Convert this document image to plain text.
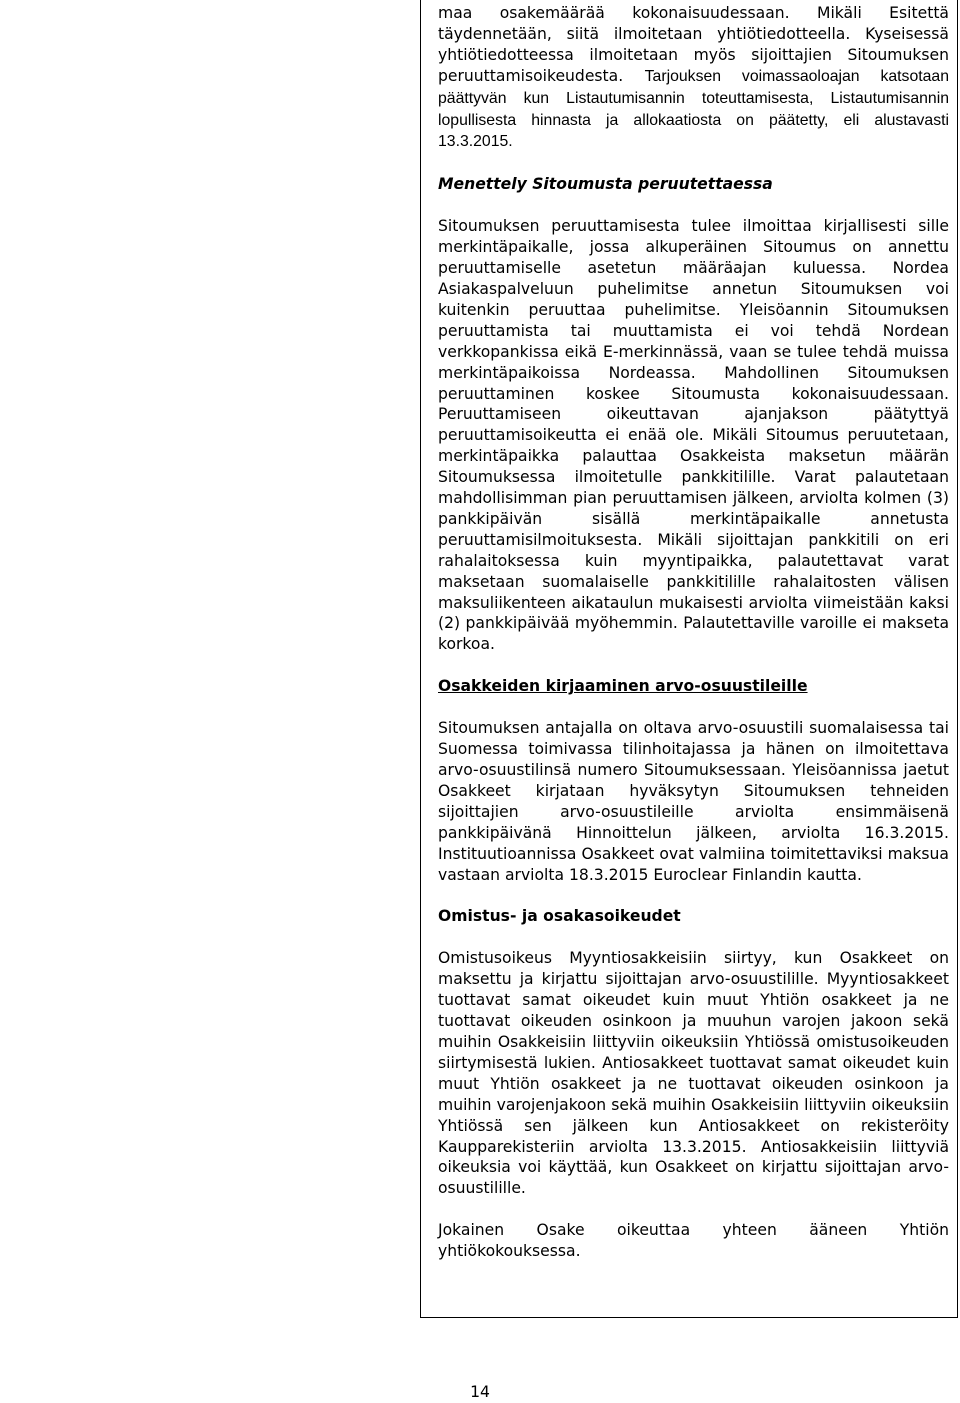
maa osakemäärää kokonaisuudessaan. Mikäli Esitettä täydennetään, siitä ilmoitetaan yhtiötiedotteella. Kyseisessä yhtiötiedotteessa ilmoitetaan myös sijoittajien Sitoumuksen peruuttamisoikeudesta. Tarjouksen voimassaoloajan katsotaan päättyvän kun Listautumisannin toteuttamisesta, Listautumisannin lopullisesta hinnasta ja allokaatiosta on päätetty, eli alustavasti 13.3.2015.

Menettely Sitoumusta peruutettaessa

Sitoumuksen peruuttamisesta tulee ilmoittaa kirjallisesti sille merkintäpaikalle, jossa alkuperäinen Sitoumus on annettu peruuttamiselle asetetun määräajan kuluessa. Nordea Asiakaspalveluun puhelimitse annetun Sitoumuksen voi kuitenkin peruuttaa puhelimitse. Yleisöannin Sitoumuksen peruuttamista tai muuttamista ei voi tehdä Nordean verkkopankissa eikä E-merkinnässä, vaan se tulee tehdä muissa merkintäpaikoissa Nordeassa. Mahdollinen Sitoumuksen peruuttaminen koskee Sitoumusta kokonaisuudessaan. Peruuttamiseen oikeuttavan ajanjakson päätyttyä peruuttamisoikeutta ei enää ole. Mikäli Sitoumus peruutetaan, merkintäpaikka palauttaa Osakkeista maksetun määrän Sitoumuksessa ilmoitetulle pankkitilille. Varat palautetaan mahdollisimman pian peruuttamisen jälkeen, arviolta kolmen (3) pankkipäivän sisällä merkintäpaikalle annetusta peruuttamisilmoituksesta. Mikäli sijoittajan pankkitili on eri rahalaitoksessa kuin myyntipaikka, palautettavat varat maksetaan suomalaiselle pankkitilille rahalaitosten välisen maksuliikenteen aikataulun mukaisesti arviolta viimeistään kaksi (2) pankkipäivää myöhemmin. Palautettaville varoille ei makseta korkoa.

Osakkeiden kirjaaminen arvo-osuustileille

Sitoumuksen antajalla on oltava arvo-osuustili suomalaisessa tai Suomessa toimivassa tilinhoitajassa ja hänen on ilmoitettava arvo-osuustilinsä numero Sitoumuksessaan. Yleisöannissa jaetut Osakkeet kirjataan hyväksytyn Sitoumuksen tehneiden sijoittajien arvo-osuustileille arviolta ensimmäisenä pankkipäivänä Hinnoittelun jälkeen, arviolta 16.3.2015. Instituutioannissa Osakkeet ovat valmiina toimitettaviksi maksua vastaan arviolta 18.3.2015 Euroclear Finlandin kautta.

Omistus- ja osakasoikeudet

Omistusoikeus Myyntiosakkeisiin siirtyy, kun Osakkeet on maksettu ja kirjattu sijoittajan arvo-osuustilille. Myyntiosakkeet tuottavat samat oikeudet kuin muut Yhtiön osakkeet ja ne tuottavat oikeuden osinkoon ja muuhun varojen jakoon sekä muihin Osakkeisiin liittyviin oikeuksiin Yhtiössä omistusoikeuden siirtymisestä lukien. Antiosakkeet tuottavat samat oikeudet kuin muut Yhtiön osakkeet ja ne tuottavat oikeuden osinkoon ja muihin varojenjakoon sekä muihin Osakkeisiin liittyviin oikeuksiin Yhtiössä sen jälkeen kun Antiosakkeet on rekisteröity Kaupparekisteriin arviolta 13.3.2015. Antiosakkeisiin liittyviä oikeuksia voi käyttää, kun Osakkeet on kirjattu sijoittajan arvo-osuustilille.

Jokainen Osake oikeuttaa yhteen ääneen Yhtiön yhtiökokouksessa.

14
